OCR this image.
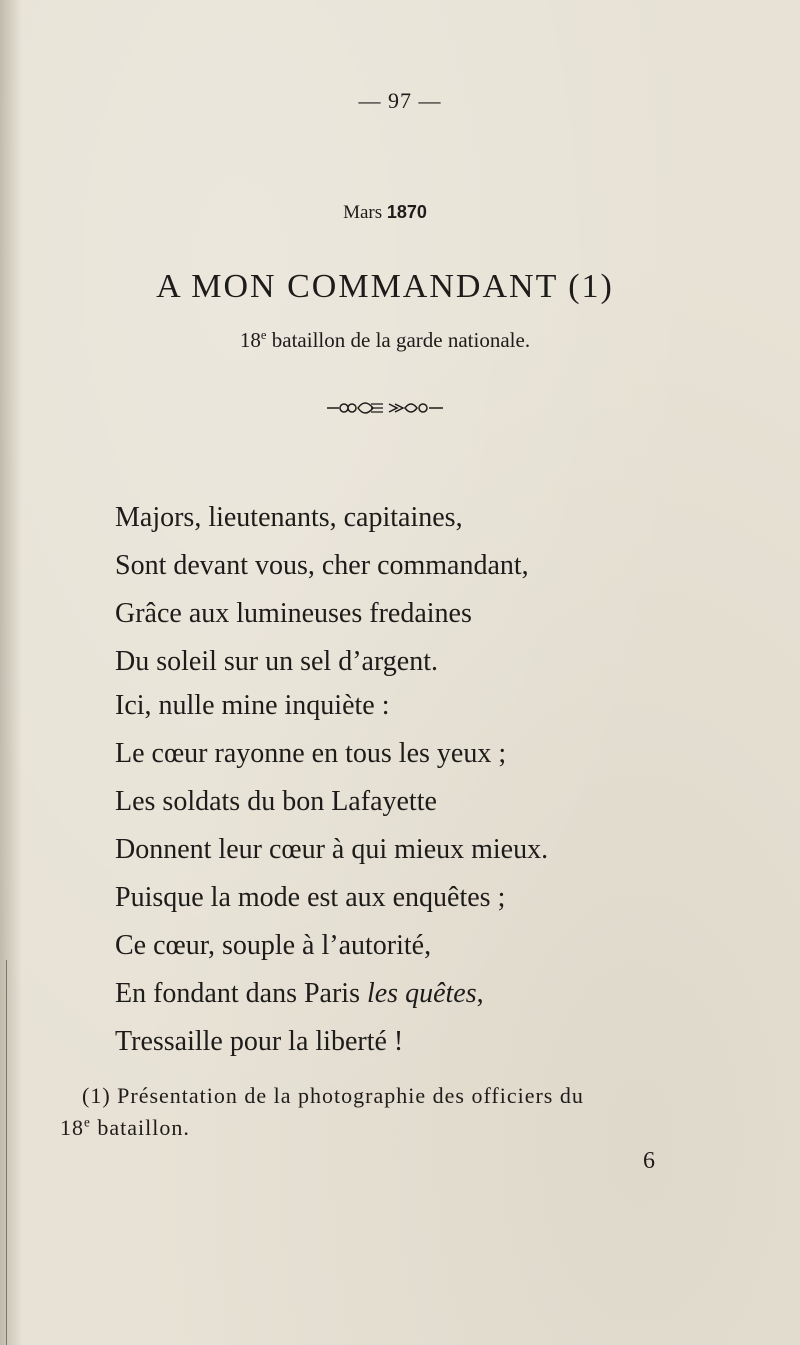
— 97 —
Mars 1870
A MON COMMANDANT (1)
18e bataillon de la garde nationale.
Majors, lieutenants, capitaines,
Sont devant vous, cher commandant,
Grâce aux lumineuses fredaines
Du soleil sur un sel d’argent.
Ici, nulle mine inquiète :
Le cœur rayonne en tous les yeux ;
Les soldats du bon Lafayette
Donnent leur cœur à qui mieux mieux.
Puisque la mode est aux enquêtes ;
Ce cœur, souple à l’autorité,
En fondant dans Paris les quêtes,
Tressaille pour la liberté !
(1) Présentation de la photographie des officiers du
18e bataillon.
6
